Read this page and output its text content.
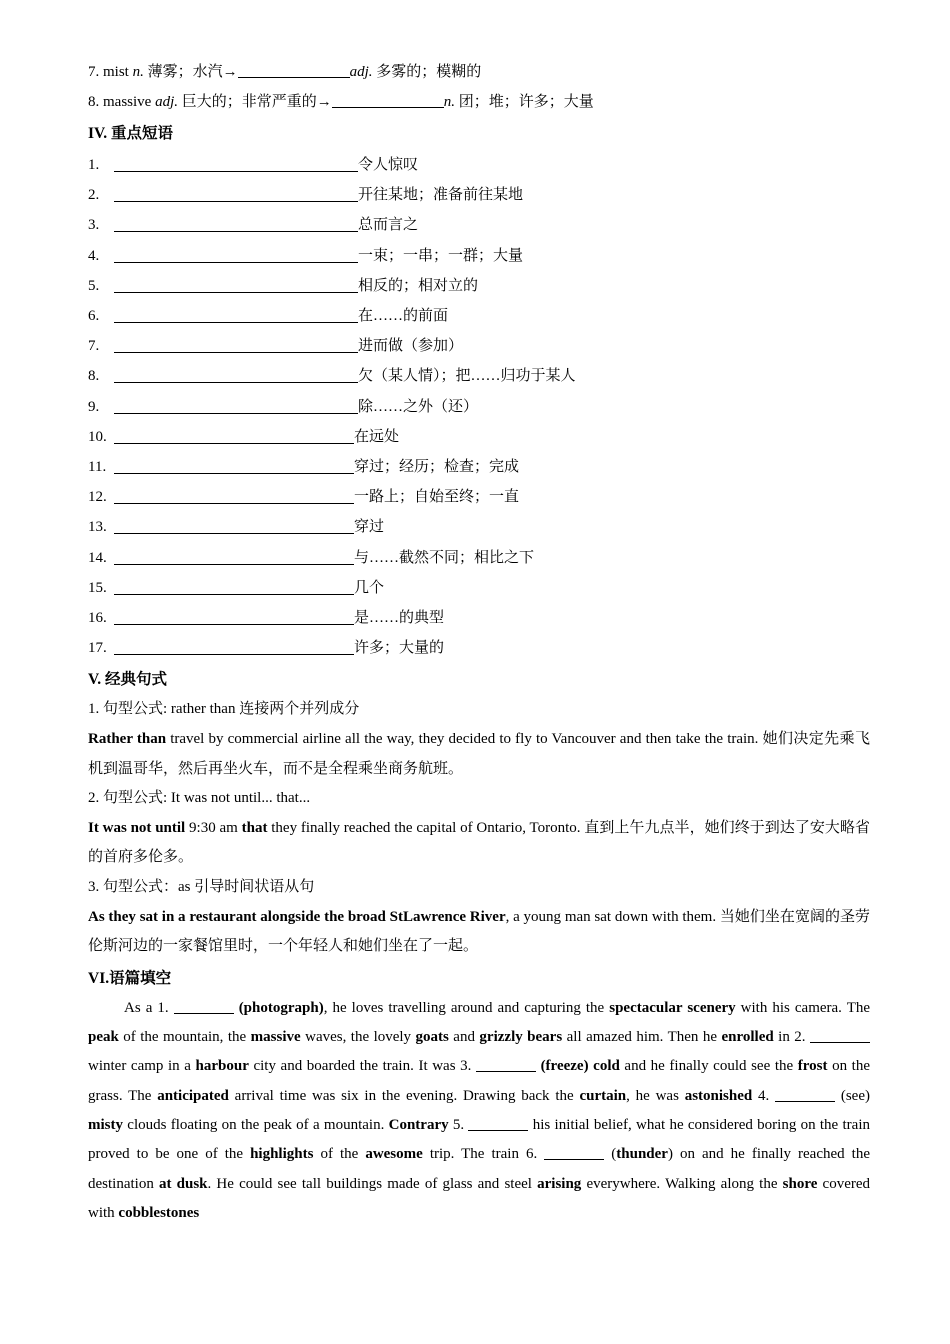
7. mist n. 薄雾；水汽→	adj. 多雾的；模糊的
8. massive adj. 巨大的；非常严重的→	n. 团；堆；许多；大量
IV. 重点短语
1.	令人惊叹
2.	开往某地；准备前往某地
3.	总而言之
4.	一束；一串；一群；大量
5.	相反的；相对立的
6.	在……的前面
7.	进而做（参加）
8.	欠（某人情）；把……归功于某人
9.	除……之外（还）
10.	在远处
11.	穿过；经历；检查；完成
12.	一路上；自始至终；一直
13.	穿过
14.	与……截然不同；相比之下
15.	几个
16.	是……的典型
17.	许多；大量的
V. 经典句式
1. 句型公式: rather than 连接两个并列成分
Rather than travel by commercial airline all the way, they decided to fly to Vancouver and then take the train. 她们决定先乘飞机到温哥华，然后再坐火车，而不是全程乘坐商务航班。
2. 句型公式: It was not until... that...
It was not until 9:30 am that they finally reached the capital of Ontario, Toronto. 直到上午九点半，她们终于到达了安大略省的首府多伦多。
3. 句型公式：as 引导时间状语从句
As they sat in a restaurant alongside the broad StLawrence River, a young man sat down with them. 当她们坐在宽阔的圣劳伦斯河边的一家餐馆里时，一个年轻人和她们坐在了一起。
VI.语篇填空
As a 1.	(photograph), he loves travelling around and capturing the spectacular scenery with his camera. The peak of the mountain, the massive waves, the lovely goats and grizzly bears all amazed him. Then he enrolled in 2.  winter camp in a harbour city and boarded the train. It was 3.	(freeze) cold and he finally could see the frost on the grass. The anticipated arrival time was six in the evening. Drawing back the curtain, he was astonished 4.	(see) misty clouds floating on the peak of a mountain. Contrary 5.	his initial belief, what he considered boring on the train proved to be one of the highlights of the awesome trip. The train 6.	(thunder) on and he finally reached the destination at dusk. He could see tall buildings made of glass and steel arising everywhere. Walking along the shore covered with cobblestones
